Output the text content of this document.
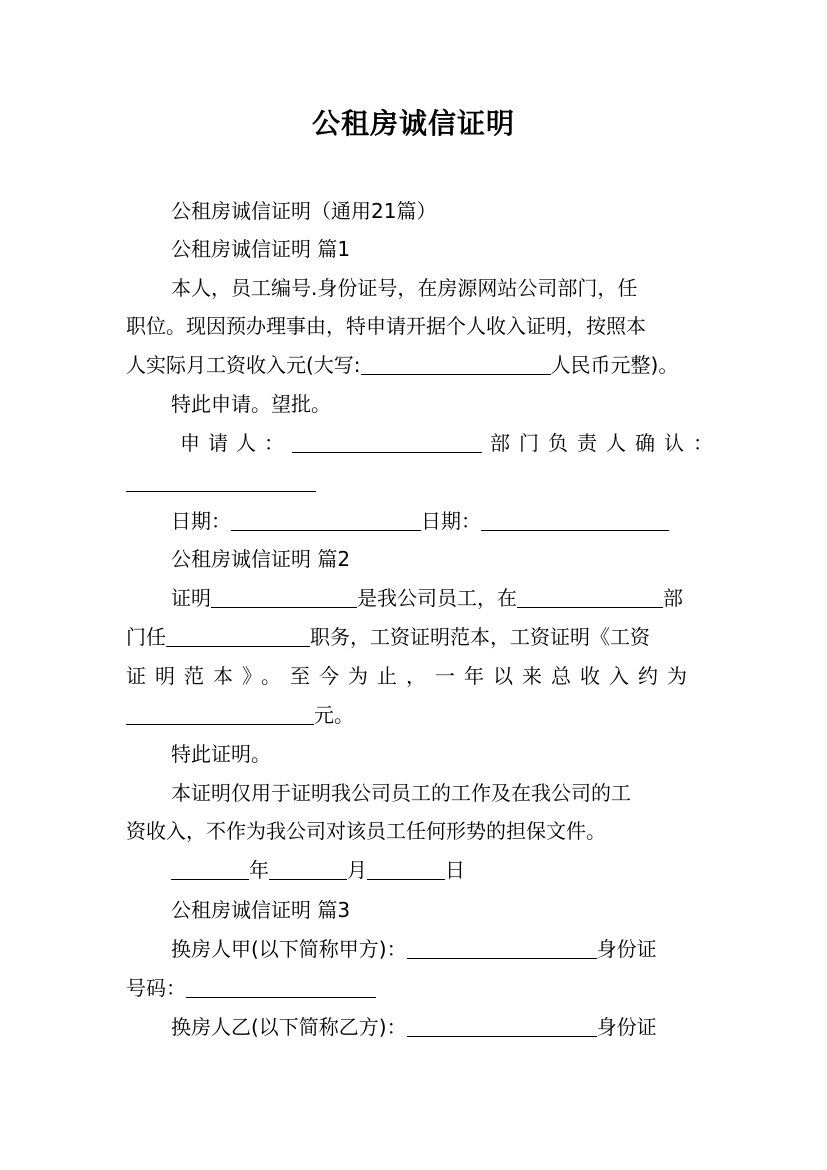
公租房诚信证明
公租房诚信证明（通用21篇）
公租房诚信证明 篇1
本人，员工编号.身份证号，在房源网站公司部门，任
职位。现因预办理事由，特申请开据个人收入证明，按照本
人实际月工资收入元(大写:	人民币元整)。
特此申请。望批。
申请人：	部门负责人确认：
日期：	日期：
公租房诚信证明 篇2
证明	是我公司员工，在	部
门任	职务，工资证明范本，工资证明《工资
证明范本》。至今为止，一年以来总收入约为
元。
特此证明。
本证明仅用于证明我公司员工的工作及在我公司的工
资收入，不作为我公司对该员工任何形势的担保文件。
年	月	日
公租房诚信证明 篇3
换房人甲(以下简称甲方)：	身份证
号码：
换房人乙(以下简称乙方)：	身份证
